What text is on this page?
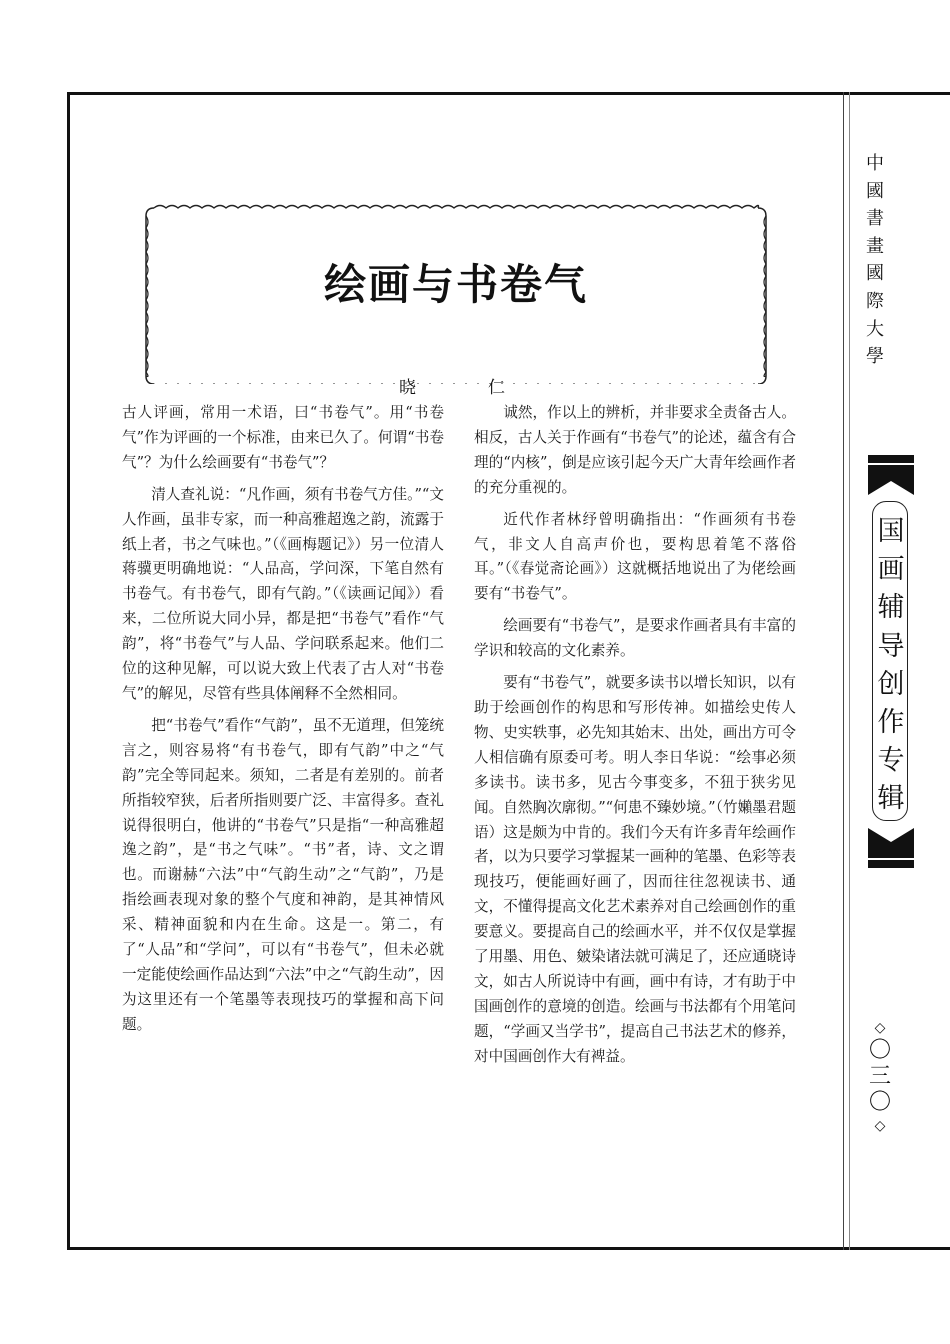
绘画与书卷气
晓	仁

古人评画，常用一术语，曰“书卷气”。用“书卷气”作为评画的一个标准，由来已久了。何谓“书卷气”？为什么绘画要有“书卷气”？

清人查礼说：“凡作画，须有书卷气方佳。”“文人作画，虽非专家，而一种高雅超逸之韵，流露于纸上者，书之气味也。”（《画梅题记》）另一位清人蒋骥更明确地说：“人品高，学问深，下笔自然有书卷气。有书卷气，即有气韵。”（《读画记闻》）看来，二位所说大同小异，都是把“书卷气”看作“气韵”，将“书卷气”与人品、学问联系起来。他们二位的这种见解，可以说大致上代表了古人对“书卷气”的解见，尽管有些具体阐释不全然相同。

把“书卷气”看作“气韵”，虽不无道理，但笼统言之，则容易将“有书卷气，即有气韵”中之“气韵”完全等同起来。须知，二者是有差别的。前者所指较窄狭，后者所指则要广泛、丰富得多。查礼说得很明白，他讲的“书卷气”只是指“一种高雅超逸之韵”，是“书之气味”。“书”者，诗、文之谓也。而谢赫“六法”中“气韵生动”之“气韵”，乃是指绘画表现对象的整个气度和神韵，是其神情风采、精神面貌和内在生命。这是一。第二，有了“人品”和“学问”，可以有“书卷气”，但未必就一定能使绘画作品达到“六法”中之“气韵生动”，因为这里还有一个笔墨等表现技巧的掌握和高下问题。

诚然，作以上的辨析，并非要求全责备古人。相反，古人关于作画有“书卷气”的论述，蕴含有合理的“内核”，倒是应该引起今天广大青年绘画作者的充分重视的。

近代作者林纾曾明确指出：“作画须有书卷气，非文人自高声价也，要构思着笔不落俗耳。”（《春觉斋论画》）这就概括地说出了为佬绘画要有“书卷气”。

绘画要有“书卷气”，是要求作画者具有丰富的学识和较高的文化素养。

要有“书卷气”，就要多读书以增长知识，以有助于绘画创作的构思和写形传神。如描绘史传人物、史实轶事，必先知其始末、出处，画出方可令人相信确有原委可考。明人李日华说：“绘事必须多读书。读书多，见古今事变多，不狃于狭劣见闻。自然胸次廓彻。”“何患不臻妙境。”（竹嬾墨君题语）这是颇为中肯的。我们今天有许多青年绘画作者，以为只要学习掌握某一画种的笔墨、色彩等表现技巧，便能画好画了，因而往往忽视读书、通文，不懂得提高文化艺术素养对自己绘画创作的重要意义。要提高自己的绘画水平，并不仅仅是掌握了用墨、用色、皴染诸法就可满足了，还应通晓诗文，如古人所说诗中有画，画中有诗，才有助于中国画创作的意境的创造。绘画与书法都有个用笔问题，“学画又当学书”，提高自己书法艺术的修养，对中国画创作大有裨益。

中
國
書
畫
國
際
大
學
国
画
辅
导
创
作
专
辑
◇
〇
三
〇
◇
